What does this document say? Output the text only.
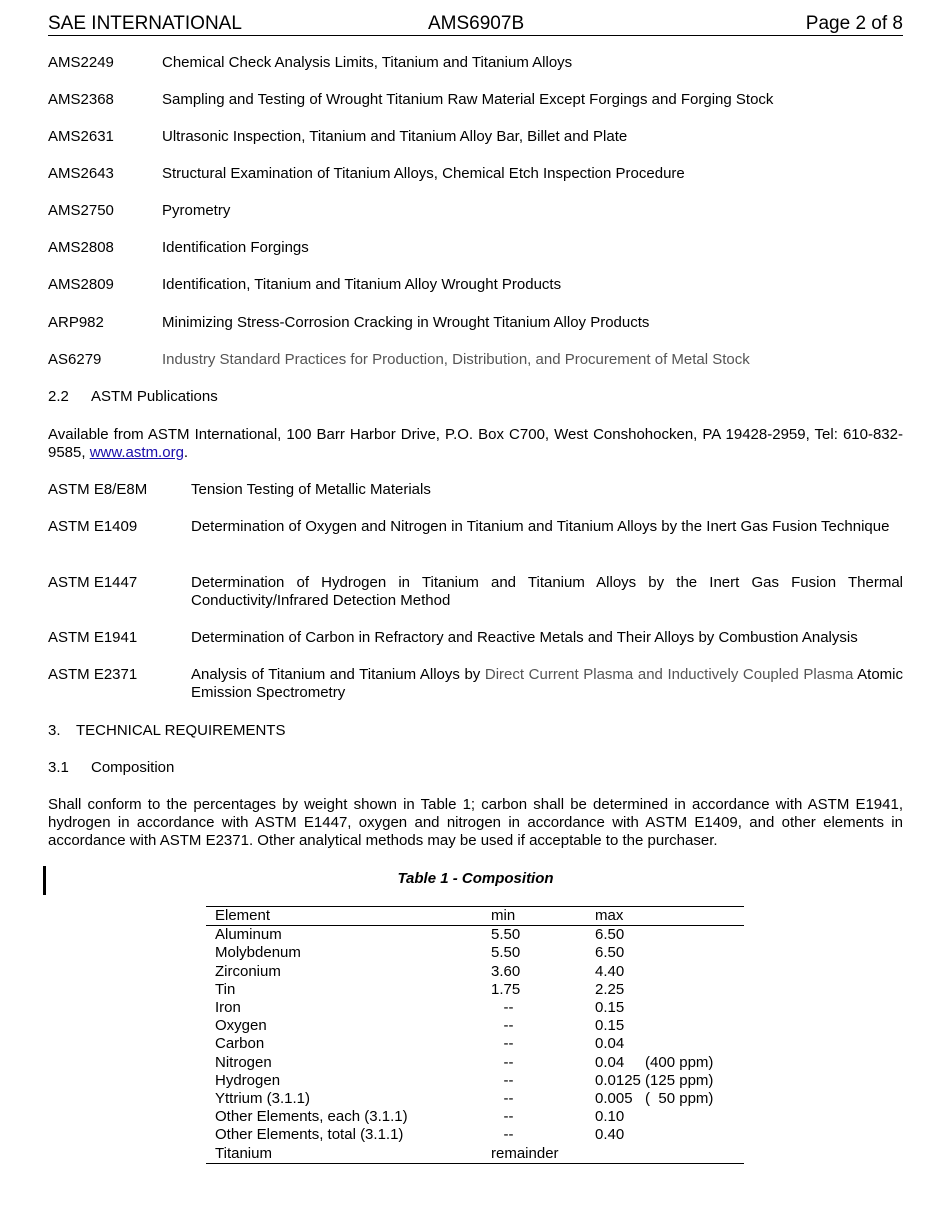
SAE INTERNATIONAL	AMS6907B	Page 2 of 8
AMS2249	Chemical Check Analysis Limits, Titanium and Titanium Alloys
AMS2368	Sampling and Testing of Wrought Titanium Raw Material Except Forgings and Forging Stock
AMS2631	Ultrasonic Inspection, Titanium and Titanium Alloy Bar, Billet and Plate
AMS2643	Structural Examination of Titanium Alloys, Chemical Etch Inspection Procedure
AMS2750	Pyrometry
AMS2808	Identification Forgings
AMS2809	Identification, Titanium and Titanium Alloy Wrought Products
ARP982	Minimizing Stress-Corrosion Cracking in Wrought Titanium Alloy Products
AS6279	Industry Standard Practices for Production, Distribution, and Procurement of Metal Stock
2.2 ASTM Publications
Available from ASTM International, 100 Barr Harbor Drive, P.O. Box C700, West Conshohocken, PA 19428-2959, Tel: 610-832-9585, www.astm.org.
ASTM E8/E8M	Tension Testing of Metallic Materials
ASTM E1409	Determination of Oxygen and Nitrogen in Titanium and Titanium Alloys by the Inert Gas Fusion Technique
ASTM E1447	Determination of Hydrogen in Titanium and Titanium Alloys by the Inert Gas Fusion Thermal Conductivity/Infrared Detection Method
ASTM E1941	Determination of Carbon in Refractory and Reactive Metals and Their Alloys by Combustion Analysis
ASTM E2371	Analysis of Titanium and Titanium Alloys by Direct Current Plasma and Inductively Coupled Plasma Atomic Emission Spectrometry
3. TECHNICAL REQUIREMENTS
3.1 Composition
Shall conform to the percentages by weight shown in Table 1; carbon shall be determined in accordance with ASTM E1941, hydrogen in accordance with ASTM E1447, oxygen and nitrogen in accordance with ASTM E1409, and other elements in accordance with ASTM E2371. Other analytical methods may be used if acceptable to the purchaser.
Table 1 - Composition
Element	min	max
Aluminum	5.50	6.50
Molybdenum	5.50	6.50
Zirconium	3.60	4.40
Tin	1.75	2.25
Iron	--	0.15
Oxygen	--	0.15
Carbon	--	0.04
Nitrogen	--	0.04     (400 ppm)
Hydrogen	--	0.0125 (125 ppm)
Yttrium (3.1.1)	--	0.005   (  50 ppm)
Other Elements, each (3.1.1)	--	0.10
Other Elements, total (3.1.1)	--	0.40
Titanium	remainder	
